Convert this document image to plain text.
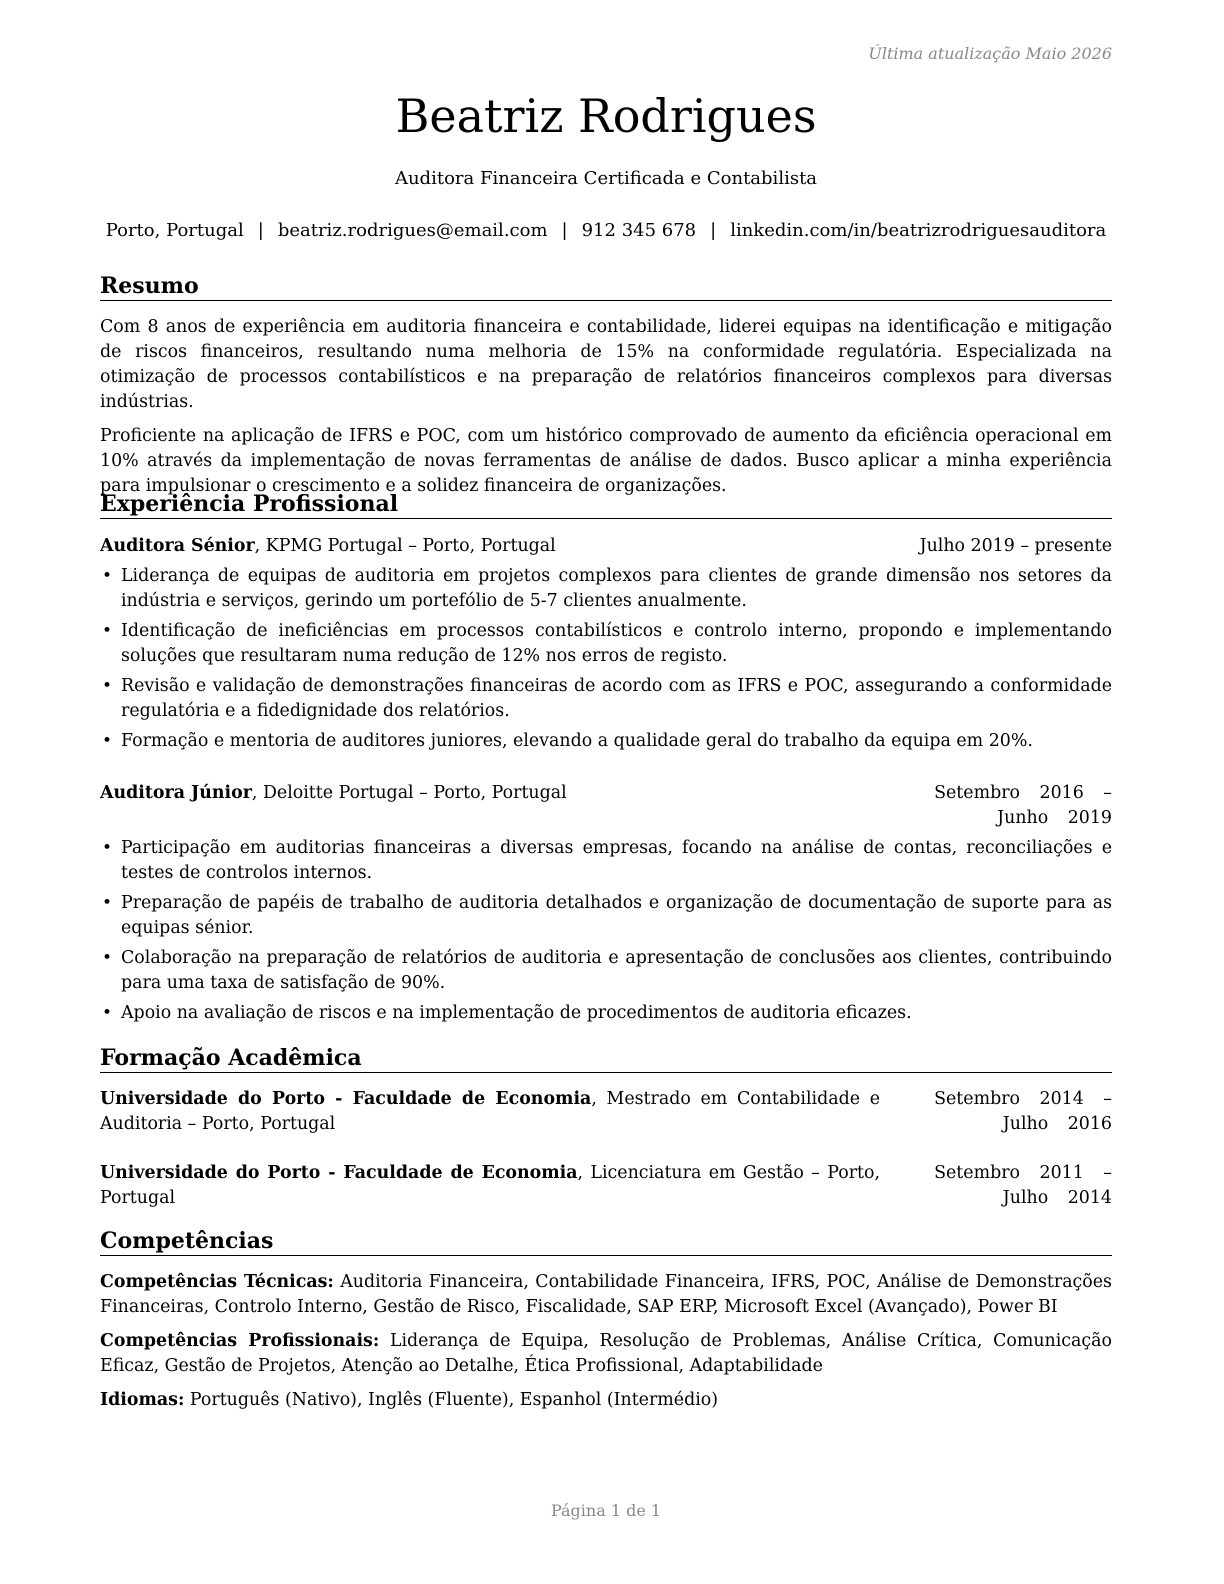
Última atualização Maio 2026
Beatriz Rodrigues
Auditora Financeira Certificada e Contabilista
Porto, Portugal | beatriz.rodrigues@email.com | 912 345 678 | linkedin.com/in/beatrizrodriguesauditora
Resumo

Com 8 anos de experiência em auditoria financeira e contabilidade, liderei equipas na identificação e mitigação de riscos financeiros, resultando numa melhoria de 15% na conformidade regulatória. Especializada na otimização de processos contabilísticos e na preparação de relatórios financeiros complexos para diversas indústrias.

Proficiente na aplicação de IFRS e POC, com um histórico comprovado de aumento da eficiência operacional em 10% através da implementação de novas ferramentas de análise de dados. Busco aplicar a minha experiência para impulsionar o crescimento e a solidez financeira de organizações.

Experiência Profissional
Auditora Sénior, KPMG Portugal – Porto, Portugal	Julho 2019 – presente
• Liderança de equipas de auditoria em projetos complexos para clientes de grande dimensão nos setores da indústria e serviços, gerindo um portefólio de 5-7 clientes anualmente.
• Identificação de ineficiências em processos contabilísticos e controlo interno, propondo e implementando soluções que resultaram numa redução de 12% nos erros de registo.
• Revisão e validação de demonstrações financeiras de acordo com as IFRS e POC, assegurando a conformidade regulatória e a fidedignidade dos relatórios.
• Formação e mentoria de auditores juniores, elevando a qualidade geral do trabalho da equipa em 20%.
Auditora Júnior, Deloitte Portugal – Porto, Portugal	Setembro 2016 – Junho 2019
• Participação em auditorias financeiras a diversas empresas, focando na análise de contas, reconciliações e testes de controlos internos.
• Preparação de papéis de trabalho de auditoria detalhados e organização de documentação de suporte para as equipas sénior.
• Colaboração na preparação de relatórios de auditoria e apresentação de conclusões aos clientes, contribuindo para uma taxa de satisfação de 90%.
• Apoio na avaliação de riscos e na implementação de procedimentos de auditoria eficazes.
Formação Acadêmica
Universidade do Porto - Faculdade de Economia, Mestrado em Contabilidade e Auditoria – Porto, Portugal
Setembro 2014 – Julho 2016
Universidade do Porto - Faculdade de Economia, Licenciatura em Gestão – Porto, Portugal
Setembro 2011 – Julho 2014
Competências

Competências Técnicas: Auditoria Financeira, Contabilidade Financeira, IFRS, POC, Análise de Demonstrações Financeiras, Controlo Interno, Gestão de Risco, Fiscalidade, SAP ERP, Microsoft Excel (Avançado), Power BI

Competências Profissionais: Liderança de Equipa, Resolução de Problemas, Análise Crítica, Comunicação Eficaz, Gestão de Projetos, Atenção ao Detalhe, Ética Profissional, Adaptabilidade

Idiomas: Português (Nativo), Inglês (Fluente), Espanhol (Intermédio)

Página 1 de 1
